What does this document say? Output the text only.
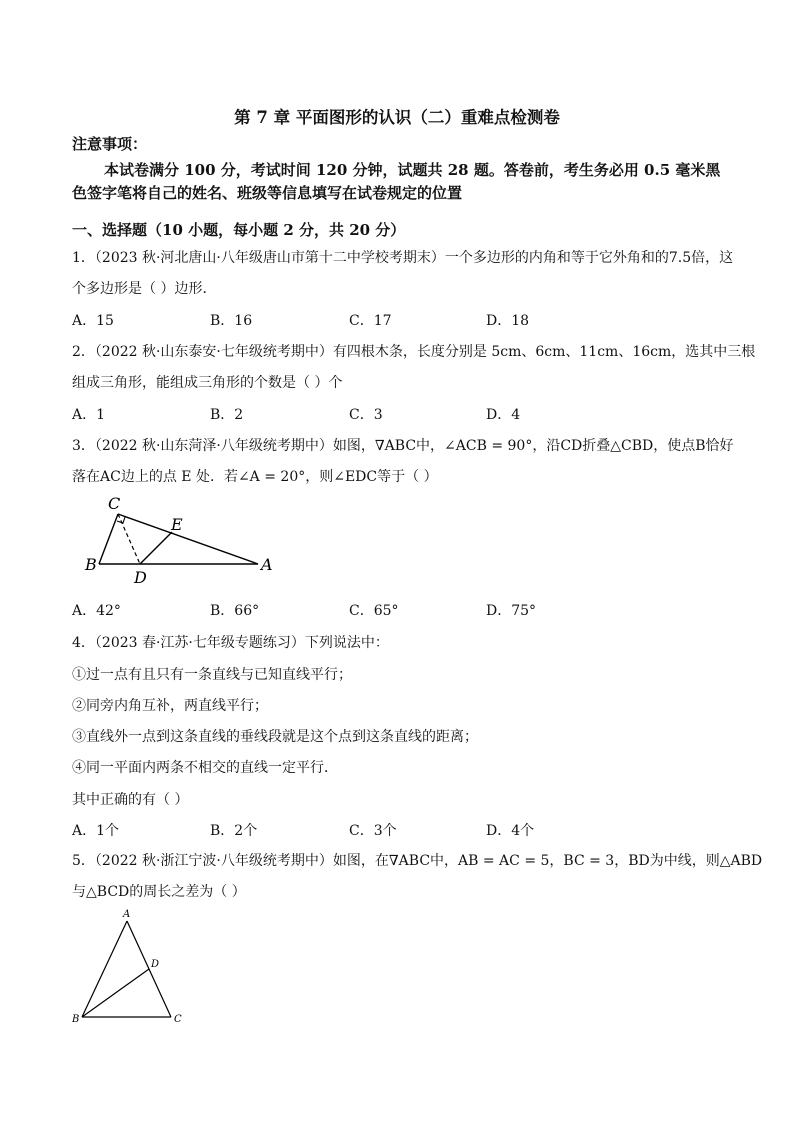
第 7 章 平面图形的认识（二）重难点检测卷
注意事项：
本试卷满分 100 分，考试时间 120 分钟，试题共 28 题。答卷前，考生务必用 0.5 毫米黑
色签字笔将自己的姓名、班级等信息填写在试卷规定的位置
一、选择题（10 小题，每小题 2 分，共 20 分）
1．（2023 秋·河北唐山·八年级唐山市第十二中学校考期末）一个多边形的内角和等于它外角和的7.5倍，这
个多边形是（ ）边形．
A．15	B．16	C．17	D．18
2．（2022 秋·山东泰安·七年级统考期中）有四根木条，长度分别是 5cm、6cm、11cm、16cm，选其中三根
组成三角形，能组成三角形的个数是（ ）个
A．1	B．2	C．3	D．4
3．（2022 秋·山东菏泽·八年级统考期中）如图，∇ABC中，∠ACB = 90°，沿CD折叠△CBD，使点B恰好
落在AC边上的点 E 处．若∠A = 20°，则∠EDC等于（ ）
C
E
B
D
A
A．42°	B．66°	C．65°	D．75°
4．（2023 春·江苏·七年级专题练习）下列说法中：
①过一点有且只有一条直线与已知直线平行；
②同旁内角互补，两直线平行；
③直线外一点到这条直线的垂线段就是这个点到这条直线的距离；
④同一平面内两条不相交的直线一定平行．
其中正确的有（ ）
A．1个	B．2个	C．3个	D．4个
5．（2022 秋·浙江宁波·八年级统考期中）如图，在∇ABC中，AB = AC = 5，BC = 3，BD为中线，则△ABD
与△BCD的周长之差为（ ）
A
D
B	C
